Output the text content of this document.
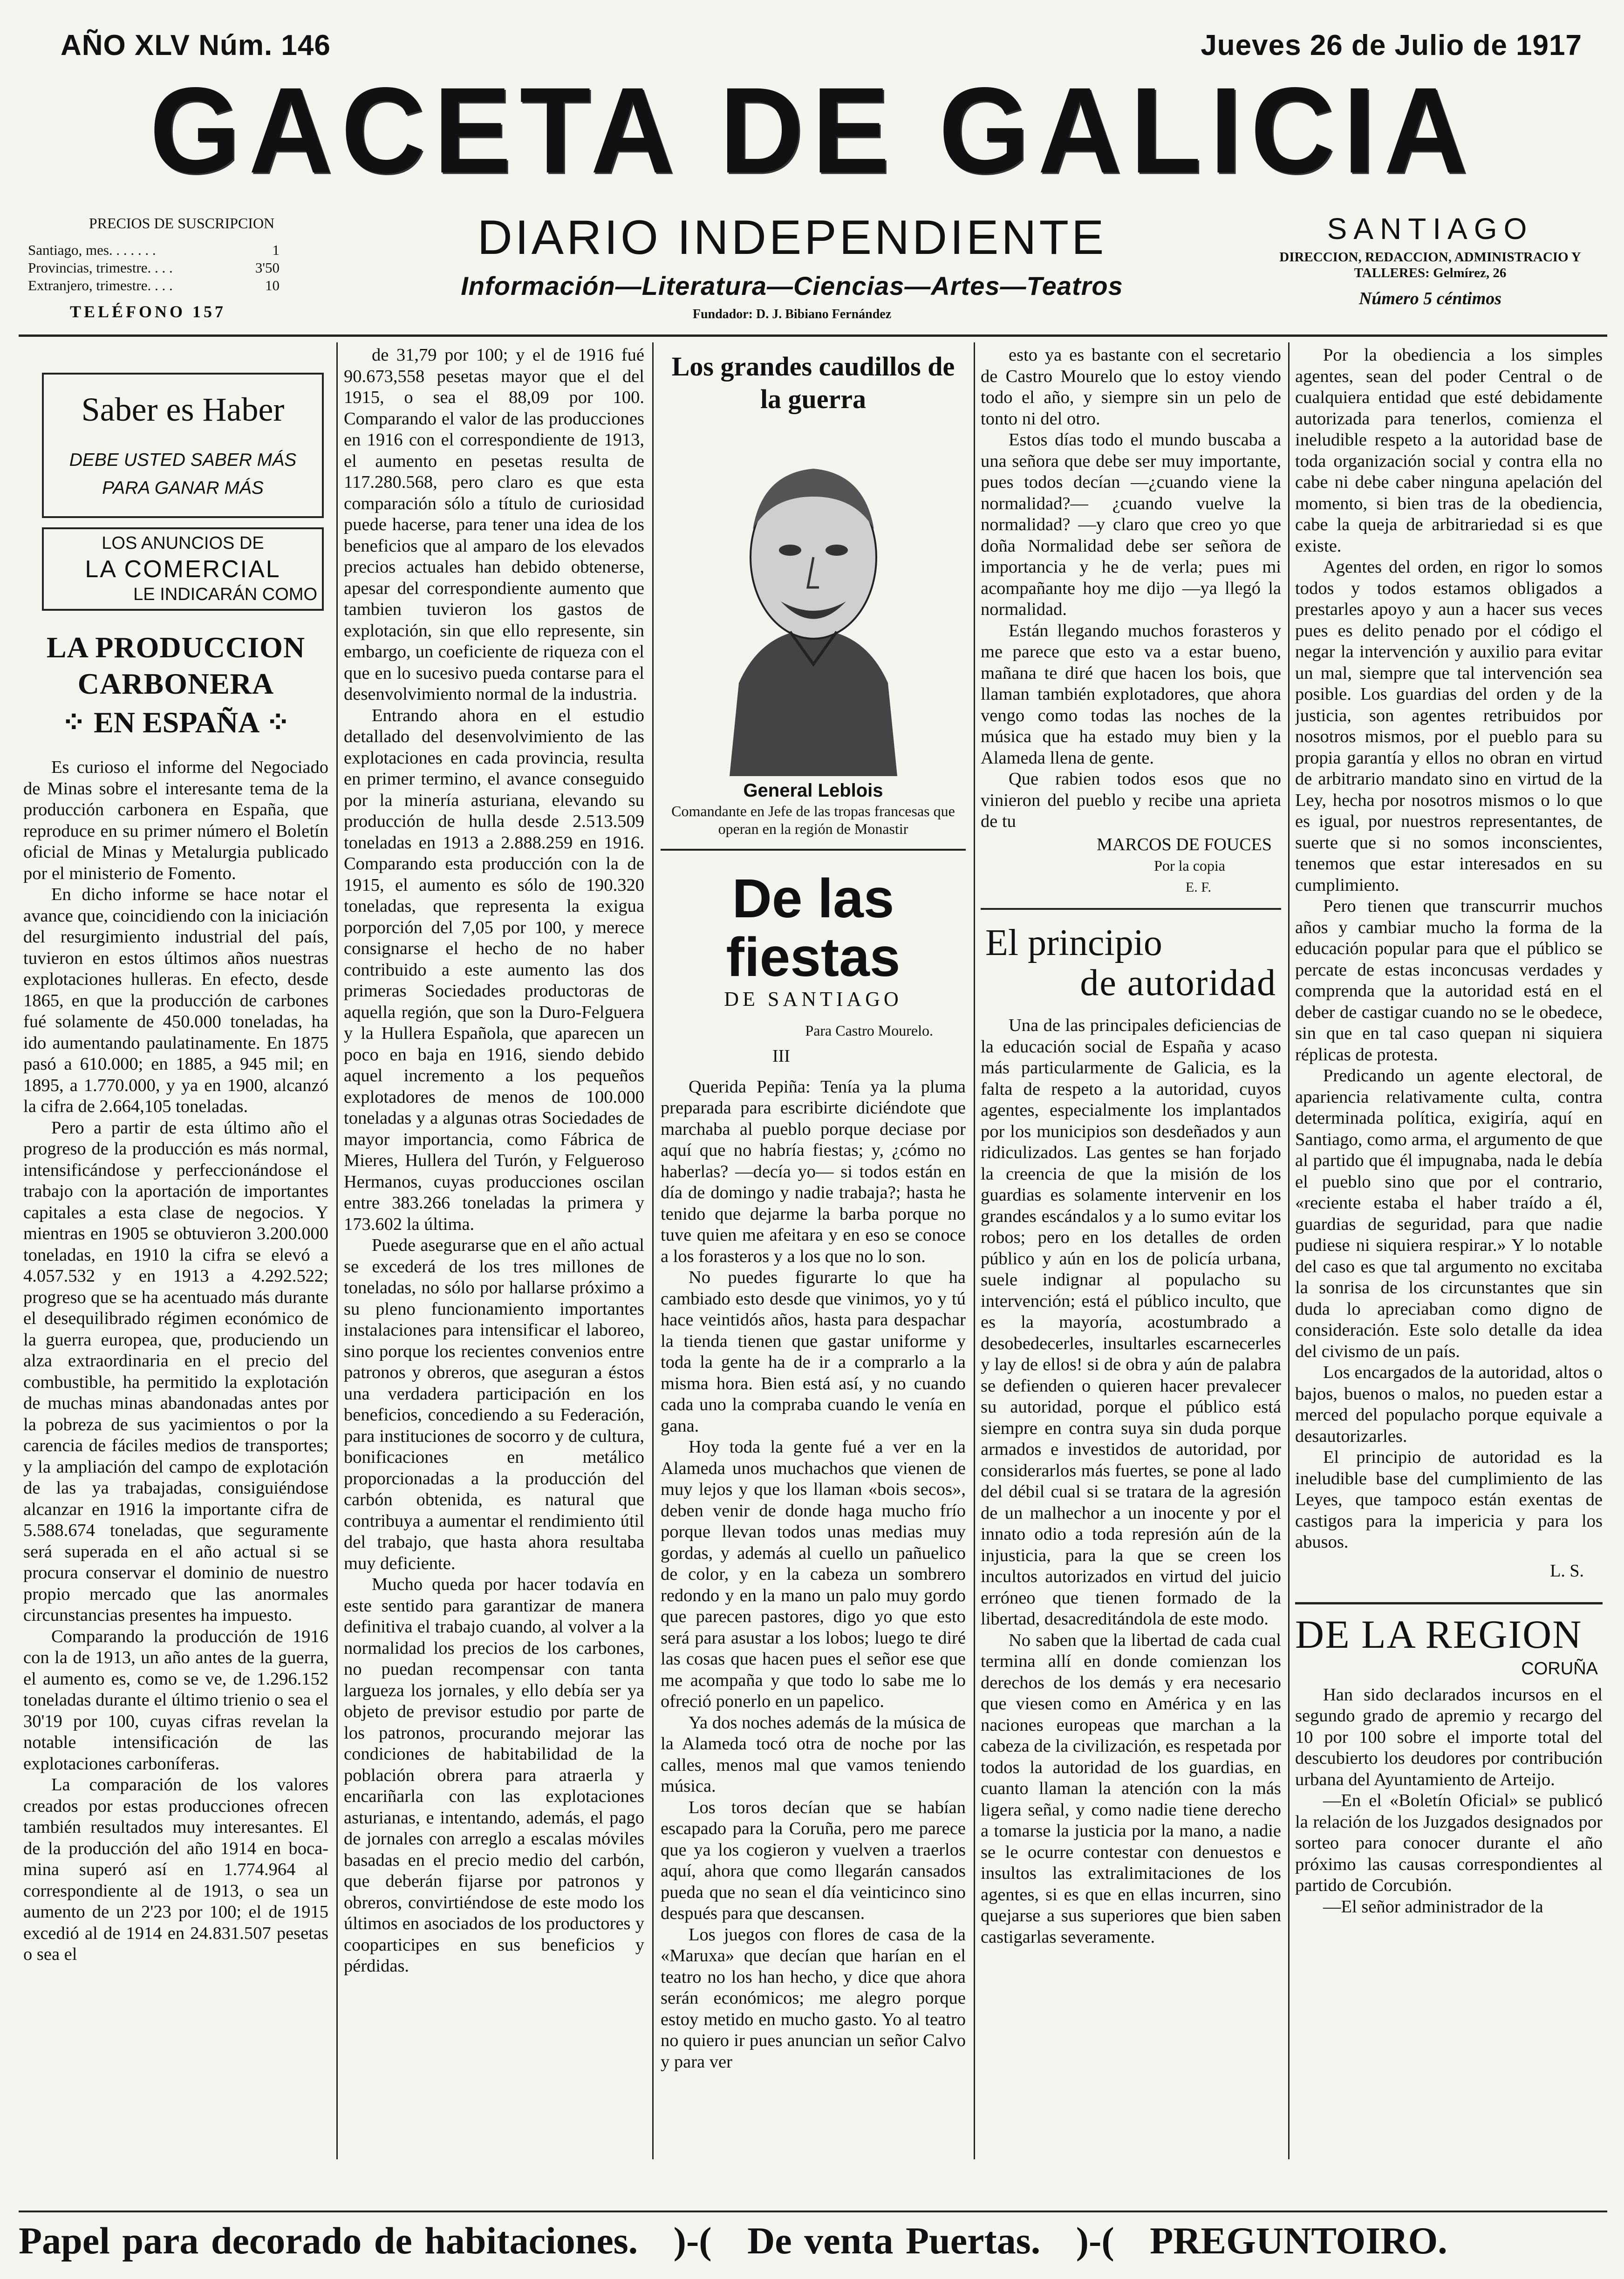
AÑO XLV Núm. 146	Jueves 26 de Julio de 1917
GACETA DE GALICIA
PRECIOS DE SUSCRIPCION
Santiago, mes. . . . . . .	1
Provincias, trimestre. . . .	3'50
Extranjero, trimestre. . . .	10
TELÉFONO 157
DIARIO INDEPENDIENTE
Información—Literatura—Ciencias—Artes—Teatros
Fundador: D. J. Bibiano Fernández
SANTIAGO
DIRECCION, REDACCION, ADMINISTRACIO Y TALLERES: Gelmírez, 26
Número 5 céntimos
Saber es Haber
DEBE USTED SABER MÁS PARA GANAR MÁS
LOS ANUNCIOS DE
LA COMERCIAL
LE INDICARÁN COMO
LA PRODUCCION CARBONERA
⁘ EN ESPAÑA ⁘

Es curioso el informe del Negociado de Minas sobre el interesante tema de la producción carbonera en España, que reproduce en su primer número el Boletín oficial de Minas y Metalurgia publicado por el ministerio de Fomento.

En dicho informe se hace notar el avance que, coincidiendo con la iniciación del resurgimiento industrial del país, tuvieron en estos últimos años nuestras explotaciones hulleras. En efecto, desde 1865, en que la producción de carbones fué solamente de 450.000 toneladas, ha ido aumentando paulatinamente. En 1875 pasó a 610.000; en 1885, a 945 mil; en 1895, a 1.770.000, y ya en 1900, alcanzó la cifra de 2.664,105 toneladas.

Pero a partir de esta último año el progreso de la producción es más normal, intensificándose y perfeccionándose el trabajo con la aportación de importantes capitales a esta clase de negocios. Y mientras en 1905 se obtuvieron 3.200.000 toneladas, en 1910 la cifra se elevó a 4.057.532 y en 1913 a 4.292.522; progreso que se ha acentuado más durante el desequilibrado régimen económico de la guerra europea, que, produciendo un alza extraordinaria en el precio del combustible, ha permitido la explotación de muchas minas abandonadas antes por la pobreza de sus yacimientos o por la carencia de fáciles medios de transportes; y la ampliación del campo de explotación de las ya trabajadas, consiguiéndose alcanzar en 1916 la importante cifra de 5.588.674 toneladas, que seguramente será superada en el año actual si se procura conservar el dominio de nuestro propio mercado que las anormales circunstancias presentes ha impuesto.

Comparando la producción de 1916 con la de 1913, un año antes de la guerra, el aumento es, como se ve, de 1.296.152 toneladas durante el último trienio o sea el 30'19 por 100, cuyas cifras revelan la notable intensificación de las explotaciones carboníferas.

La comparación de los valores creados por estas producciones ofrecen también resultados muy interesantes. El de la producción del año 1914 en boca-mina superó así en 1.774.964 al correspondiente al de 1913, o sea un aumento de un 2'23 por 100; el de 1915 excedió al de 1914 en 24.831.507 pesetas o sea el

de 31,79 por 100; y el de 1916 fué 90.673,558 pesetas mayor que el del 1915, o sea el 88,09 por 100. Comparando el valor de las producciones en 1916 con el correspondiente de 1913, el aumento en pesetas resulta de 117.280.568, pero claro es que esta comparación sólo a título de curiosidad puede hacerse, para tener una idea de los beneficios que al amparo de los elevados precios actuales han debido obtenerse, apesar del correspondiente aumento que tambien tuvieron los gastos de explotación, sin que ello represente, sin embargo, un coeficiente de riqueza con el que en lo sucesivo pueda contarse para el desenvolvimiento normal de la industria.

Entrando ahora en el estudio detallado del desenvolvimiento de las explotaciones en cada provincia, resulta en primer termino, el avance conseguido por la minería asturiana, elevando su producción de hulla desde 2.513.509 toneladas en 1913 a 2.888.259 en 1916. Comparando esta producción con la de 1915, el aumento es sólo de 190.320 toneladas, que representa la exigua porporción del 7,05 por 100, y merece consignarse el hecho de no haber contribuido a este aumento las dos primeras Sociedades productoras de aquella región, que son la Duro-Felguera y la Hullera Española, que aparecen un poco en baja en 1916, siendo debido aquel incremento a los pequeños explotadores de menos de 100.000 toneladas y a algunas otras Sociedades de mayor importancia, como Fábrica de Mieres, Hullera del Turón, y Felgueroso Hermanos, cuyas producciones oscilan entre 383.266 toneladas la primera y 173.602 la última.

Puede asegurarse que en el año actual se excederá de los tres millones de toneladas, no sólo por hallarse próximo a su pleno funcionamiento importantes instalaciones para intensificar el laboreo, sino porque los recientes convenios entre patronos y obreros, que aseguran a éstos una verdadera participación en los beneficios, concediendo a su Federación, para instituciones de socorro y de cultura, bonificaciones en metálico proporcionadas a la producción del carbón obtenida, es natural que contribuya a aumentar el rendimiento útil del trabajo, que hasta ahora resultaba muy deficiente.

Mucho queda por hacer todavía en este sentido para garantizar de manera definitiva el trabajo cuando, al volver a la normalidad los precios de los carbones, no puedan recompensar con tanta largueza los jornales, y ello debía ser ya objeto de previsor estudio por parte de los patronos, procurando mejorar las condiciones de habitabilidad de la población obrera para atraerla y encariñarla con las explotaciones asturianas, e intentando, además, el pago de jornales con arreglo a escalas móviles basadas en el precio medio del carbón, que deberán fijarse por patronos y obreros, convirtiéndose de este modo los últimos en asociados de los productores y cooparticipes en sus beneficios y pérdidas.

Los grandes caudillos de la guerra
General Leblois
Comandante en Jefe de las tropas francesas que operan en la región de Monastir
De las fiestas
DE SANTIAGO
Para Castro Mourelo.
III

Querida Pepiña: Tenía ya la pluma preparada para escribirte diciéndote que marchaba al pueblo porque deciase por aquí que no habría fiestas; y, ¿cómo no haberlas? —decía yo— si todos están en día de domingo y nadie trabaja?; hasta he tenido que dejarme la barba porque no tuve quien me afeitara y en eso se conoce a los forasteros y a los que no lo son.

No puedes figurarte lo que ha cambiado esto desde que vinimos, yo y tú hace veintidós años, hasta para despachar la tienda tienen que gastar uniforme y toda la gente ha de ir a comprarlo a la misma hora. Bien está así, y no cuando cada uno la compraba cuando le venía en gana.

Hoy toda la gente fué a ver en la Alameda unos muchachos que vienen de muy lejos y que los llaman «bois secos», deben venir de donde haga mucho frío porque llevan todos unas medias muy gordas, y además al cuello un pañuelico de color, y en la cabeza un sombrero redondo y en la mano un palo muy gordo que parecen pastores, digo yo que esto será para asustar a los lobos; luego te diré las cosas que hacen pues el señor ese que me acompaña y que todo lo sabe me lo ofreció ponerlo en un papelico.

Ya dos noches además de la música de la Alameda tocó otra de noche por las calles, menos mal que vamos teniendo música.

Los toros decían que se habían escapado para la Coruña, pero me parece que ya los cogieron y vuelven a traerlos aquí, ahora que como llegarán cansados pueda que no sean el día veinticinco sino después para que descansen.

Los juegos con flores de casa de la «Maruxa» que decían que harían en el teatro no los han hecho, y dice que ahora serán económicos; me alegro porque estoy metido en mucho gasto. Yo al teatro no quiero ir pues anuncian un señor Calvo y para ver

esto ya es bastante con el secretario de Castro Mourelo que lo estoy viendo todo el año, y siempre sin un pelo de tonto ni del otro.

Estos días todo el mundo buscaba a una señora que debe ser muy importante, pues todos decían —¿cuando viene la normalidad?— ¿cuando vuelve la normalidad? —y claro que creo yo que doña Normalidad debe ser señora de importancia y he de verla; pues mi acompañante hoy me dijo —ya llegó la normalidad.

Están llegando muchos forasteros y me parece que esto va a estar bueno, mañana te diré que hacen los bois, que llaman también explotadores, que ahora vengo como todas las noches de la música que ha estado muy bien y la Alameda llena de gente.

Que rabien todos esos que no vinieron del pueblo y recibe una aprieta de tu

MARCOS DE FOUCES
Por la copia
E. F.
El principio
de autoridad

Una de las principales deficiencias de la educación social de España y acaso más particularmente de Galicia, es la falta de respeto a la autoridad, cuyos agentes, especialmente los implantados por los municipios son desdeñados y aun ridiculizados. Las gentes se han forjado la creencia de que la misión de los guardias es solamente intervenir en los grandes escándalos y a lo sumo evitar los robos; pero en los detalles de orden público y aún en los de policía urbana, suele indignar al populacho su intervención; está el público inculto, que es la mayoría, acostumbrado a desobedecerles, insultarles escarnecerles y lay de ellos! si de obra y aún de palabra se defienden o quieren hacer prevalecer su autoridad, porque el público está siempre en contra suya sin duda porque armados e investidos de autoridad, por considerarlos más fuertes, se pone al lado del débil cual si se tratara de la agresión de un malhechor a un inocente y por el innato odio a toda represión aún de la injusticia, para la que se creen los incultos autorizados en virtud del juicio erróneo que tienen formado de la libertad, desacreditándola de este modo.

No saben que la libertad de cada cual termina allí en donde comienzan los derechos de los demás y era necesario que viesen como en América y en las naciones europeas que marchan a la cabeza de la civilización, es respetada por todos la autoridad de los guardias, en cuanto llaman la atención con la más ligera señal, y como nadie tiene derecho a tomarse la justicia por la mano, a nadie se le ocurre contestar con denuestos e insultos las extralimitaciones de los agentes, si es que en ellas incurren, sino quejarse a sus superiores que bien saben castigarlas severamente.

Por la obediencia a los simples agentes, sean del poder Central o de cualquiera entidad que esté debidamente autorizada para tenerlos, comienza el ineludible respeto a la autoridad base de toda organización social y contra ella no cabe ni debe caber ninguna apelación del momento, si bien tras de la obediencia, cabe la queja de arbitrariedad si es que existe.

Agentes del orden, en rigor lo somos todos y todos estamos obligados a prestarles apoyo y aun a hacer sus veces pues es delito penado por el código el negar la intervención y auxilio para evitar un mal, siempre que tal intervención sea posible. Los guardias del orden y de la justicia, son agentes retribuidos por nosotros mismos, por el pueblo para su propia garantía y ellos no obran en virtud de arbitrario mandato sino en virtud de la Ley, hecha por nosotros mismos o lo que es igual, por nuestros representantes, de suerte que si no somos inconscientes, tenemos que estar interesados en su cumplimiento.

Pero tienen que transcurrir muchos años y cambiar mucho la forma de la educación popular para que el público se percate de estas inconcusas verdades y comprenda que la autoridad está en el deber de castigar cuando no se le obedece, sin que en tal caso quepan ni siquiera réplicas de protesta.

Predicando un agente electoral, de apariencia relativamente culta, contra determinada política, exigiría, aquí en Santiago, como arma, el argumento de que al partido que él impugnaba, nada le debía el pueblo sino que por el contrario, «reciente estaba el haber traído a él, guardias de seguridad, para que nadie pudiese ni siquiera respirar.» Y lo notable del caso es que tal argumento no excitaba la sonrisa de los circunstantes que sin duda lo apreciaban como digno de consideración. Este solo detalle da idea del civismo de un país.

Los encargados de la autoridad, altos o bajos, buenos o malos, no pueden estar a merced del populacho porque equivale a desautorizarles.

El principio de autoridad es la ineludible base del cumplimiento de las Leyes, que tampoco están exentas de castigos para la impericia y para los abusos.

L. S.
DE LA REGION
CORUÑA

Han sido declarados incursos en el segundo grado de apremio y recargo del 10 por 100 sobre el importe total del descubierto los deudores por contribución urbana del Ayuntamiento de Arteijo.

—En el «Boletín Oficial» se publicó la relación de los Juzgados designados por sorteo para conocer durante el año próximo las causas correspondientes al partido de Corcubión.

—El señor administrador de la

Papel para decorado de habitaciones. )-( De venta Puertas. )-( PREGUNTOIRO.
